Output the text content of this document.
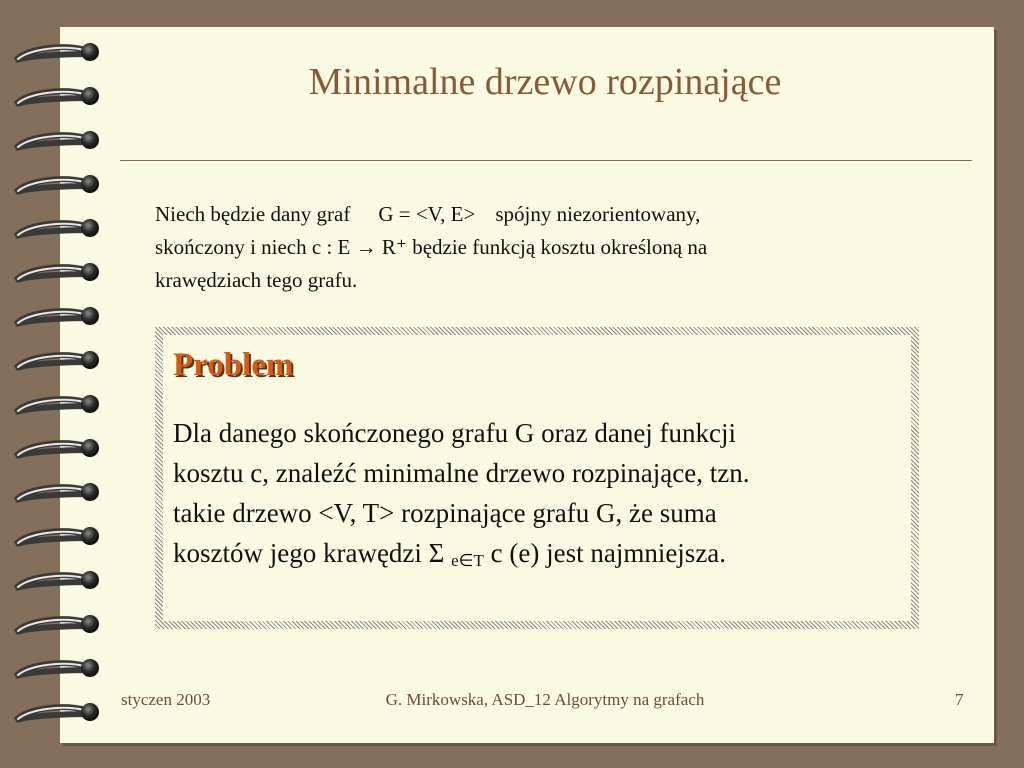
Minimalne drzewo rozpinające
Niech będzie dany graf G = <V, E> spójny niezorientowany,
skończony i niech c : E → R⁺ będzie funkcją kosztu określoną na
krawędziach tego grafu.
Problem
Dla danego skończonego grafu G oraz danej funkcji
kosztu c, znaleźć minimalne drzewo rozpinające, tzn.
takie drzewo <V, T> rozpinające grafu G, że suma
kosztów jego krawędzi Σ $_{e\in T}$ c (e) jest najmniejsza.
styczen 2003	G. Mirkowska, ASD_12 Algorytmy na grafach	7
